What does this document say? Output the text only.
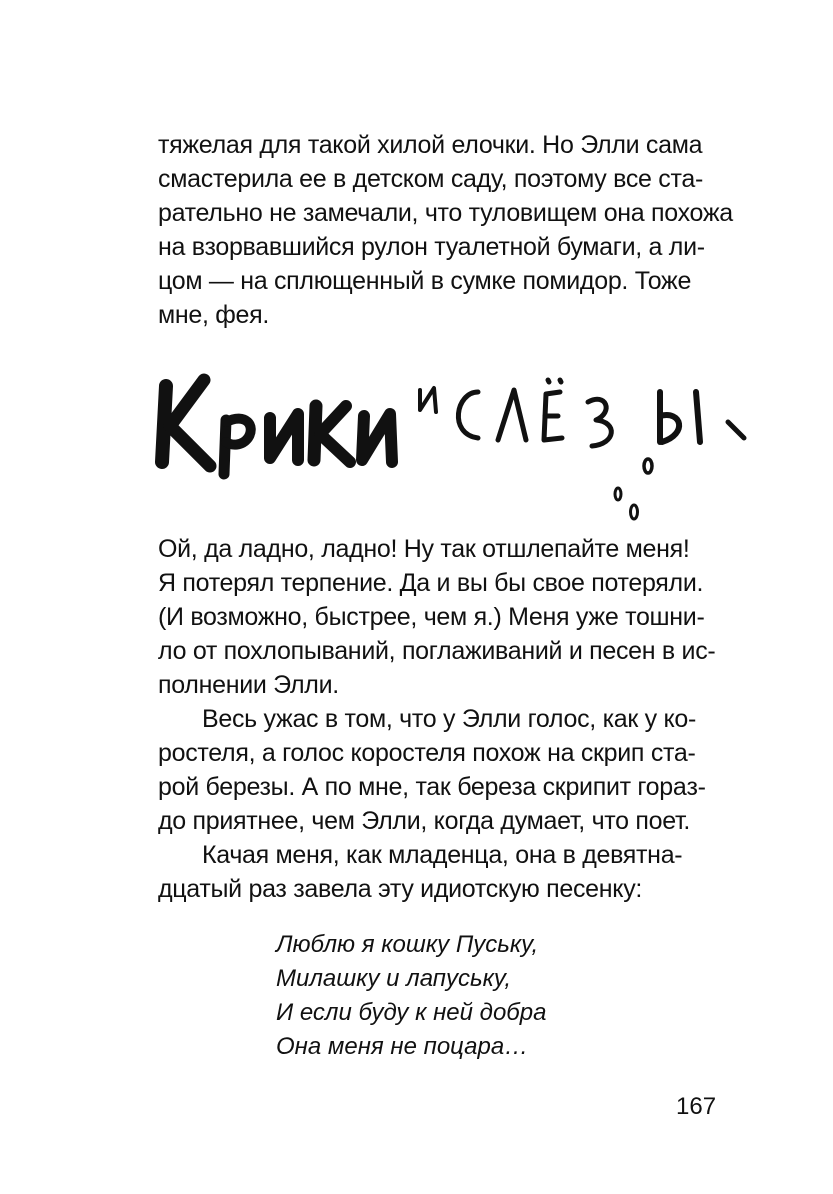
тяжелая для такой хилой елочки. Но Элли сама
смастерила ее в детском саду, поэтому все ста-
рательно не замечали, что туловищем она похожа
на взорвавшийся рулон туалетной бумаги, а ли-
цом — на сплющенный в сумке помидор. Тоже
мне, фея.
Ой, да ладно, ладно! Ну так отшлепайте меня!
Я потерял терпение. Да и вы бы свое потеряли.
(И возможно, быстрее, чем я.) Меня уже тошни-
ло от похлопываний, поглаживаний и песен в ис-
полнении Элли.
Весь ужас в том, что у Элли голос, как у ко-
ростеля, а голос коростеля похож на скрип ста-
рой березы. А по мне, так береза скрипит горaз-
до приятнее, чем Элли, когда думает, что поет.
Качая меня, как младенца, она в девятна-
дцатый раз завела эту идиотскую песенку:
Люблю я кошку Пуську,
Милашку и лапуську,
И если буду к ней добра
Она меня не поцара…
167
